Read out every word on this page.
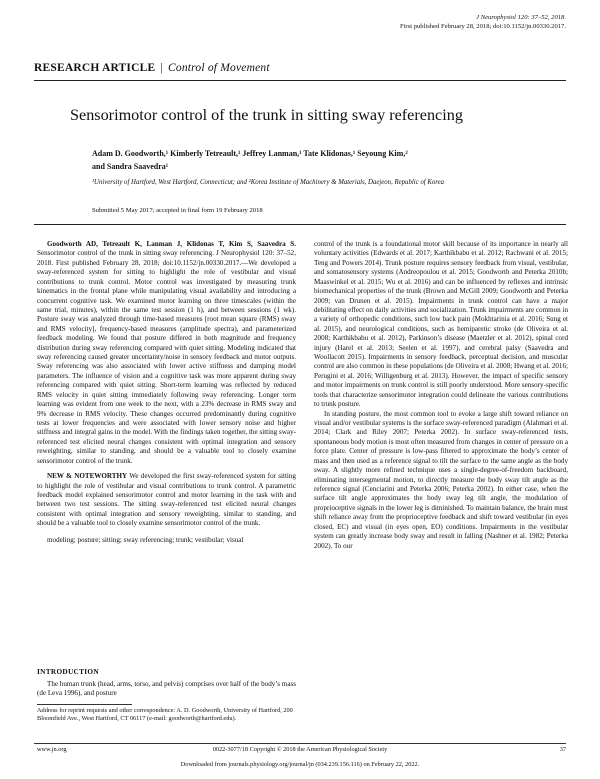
J Neurophysiol 120: 37–52, 2018.
First published February 28, 2018; doi:10.1152/jn.00330.2017.
RESEARCH ARTICLE | Control of Movement
Sensorimotor control of the trunk in sitting sway referencing
Adam D. Goodworth,¹ Kimberly Tetreault,¹ Jeffrey Lanman,¹ Tate Klidonas,¹ Seyoung Kim,²
and Sandra Saavedra¹
¹University of Hartford, West Hartford, Connecticut; and ²Korea Institute of Machinery & Materials, Daejeon, Republic of Korea
Submitted 5 May 2017; accepted in final form 19 February 2018

Goodworth AD, Tetreault K, Lanman J, Klidonas T, Kim S, Saavedra S. Sensorimotor control of the trunk in sitting sway referencing. J Neurophysiol 120: 37–52, 2018. First published February 28, 2018; doi:10.1152/jn.00330.2017.—We developed a sway-referenced system for sitting to highlight the role of vestibular and visual contributions to trunk control. Motor control was investigated by measuring trunk kinematics in the frontal plane while manipulating visual availability and introducing a concurrent cognitive task. We examined motor learning on three timescales (within the same trial, minutes), within the same test session (1 h), and between sessions (1 wk). Posture sway was analyzed through time-based measures [root mean square (RMS) sway and RMS velocity], frequency-based measures (amplitude spectra), and parameterized feedback modeling. We found that posture differed in both magnitude and frequency distribution during sway referencing compared with quiet sitting. Modeling indicated that sway referencing caused greater uncertainty/noise in sensory feedback and motor outputs. Sway referencing was also associated with lower active stiffness and damping model parameters. The influence of vision and a cognitive task was more apparent during sway referencing compared with quiet sitting. Short-term learning was reflected by reduced RMS velocity in quiet sitting immediately following sway referencing. Longer term learning was evident from one week to the next, with a 23% decrease in RMS sway and 9% decrease in RMS velocity. These changes occurred predominantly during cognitive tests at lower frequencies and were associated with lower sensory noise and higher stiffness and integral gains in the model. With the findings taken together, the sitting sway-referenced test elicited neural changes consistent with optimal integration and sensory reweighting, similar to standing, and should be a valuable tool to closely examine sensorimotor control of the trunk.

NEW & NOTEWORTHY We developed the first sway-referenced system for sitting to highlight the role of vestibular and visual contributions to trunk control. A parametric feedback model explained sensorimotor control and motor learning in the task with and between two test sessions. The sitting sway-referenced test elicited neural changes consistent with optimal integration and sensory reweighting, similar to standing, and should be a valuable tool to closely examine sensorimotor control of the trunk.

modeling; posture; sitting; sway referencing; trunk; vestibular; visual

INTRODUCTION

The human trunk (head, arms, torso, and pelvis) comprises over half of the body’s mass (de Leva 1996), and posture

Address for reprint requests and other correspondence: A. D. Goodworth, University of Hartford, 200 Bloomfield Ave., West Hartford, CT 06117 (e-mail: goodworth@hartford.edu).

control of the trunk is a foundational motor skill because of its importance in nearly all voluntary activities (Edwards et al. 2017; Karthikbabu et al. 2012; Rachwani et al. 2015; Teng and Powers 2014). Trunk posture requires sensory feedback from visual, vestibular, and somatosensory systems (Andreopoulou et al. 2015; Goodworth and Peterka 2010b; Maaswinkel et al. 2015; Wu et al. 2016) and can be influenced by reflexes and intrinsic biomechanical properties of the trunk (Brown and McGill 2009; Goodworth and Peterka 2009; van Drunen et al. 2015). Impairments in trunk control can have a major debilitating effect on daily activities and socialization. Trunk impairments are common in a variety of orthopedic conditions, such low back pain (Mokhtarinia et al. 2016; Sung et al. 2015), and neurological conditions, such as hemiparetic stroke (de Oliveira et al. 2008; Karthikbabu et al. 2012), Parkinson’s disease (Maetzler et al. 2012), spinal cord injury (Harel et al. 2013; Seelen et al. 1997), and cerebral palsy (Saavedra and Woollacott 2015). Impairments in sensory feedback, perceptual decision, and muscular control are also common in these populations (de Oliveira et al. 2008; Hwang et al. 2016; Perugini et al. 2016; Willigenburg et al. 2013). However, the impact of specific sensory and motor impairments on trunk control is still poorly understood. More sensory-specific tools that characterize sensorimotor integration could delineate the various contributions to trunk posture.

In standing posture, the most common tool to evoke a large shift toward reliance on visual and/or vestibular systems is the surface sway-referenced paradigm (Alahmari et al. 2014; Clark and Riley 2007; Peterka 2002). In surface sway-referenced tests, spontaneous body motion is most often measured from changes in center of pressure on a force plate. Center of pressure is low-pass filtered to approximate the body’s center of mass and then used as a reference signal to tilt the surface to the same angle as the body sway. A slightly more refined technique uses a single-degree-of-freedom backboard, eliminating intersegmental motion, to directly measure the body sway tilt angle as the reference signal (Cenciarini and Peterka 2006; Peterka 2002). In either case, when the surface tilt angle approximates the body sway leg tilt angle, the modulation of proprioceptive signals in the lower leg is diminished. To maintain balance, the brain must shift reliance away from the proprioceptive feedback and shift toward vestibular (in eyes closed, EC) and visual (in eyes open, EO) conditions. Impairments in the vestibular system can greatly increase body sway and result in falling (Nashner et al. 1982; Peterka 2002). To our

www.jn.org	0022-3077/18 Copyright © 2018 the American Physiological Society	37
Downloaded from journals.physiology.org/journal/jn (034.239.156.116) on February 22, 2022.
